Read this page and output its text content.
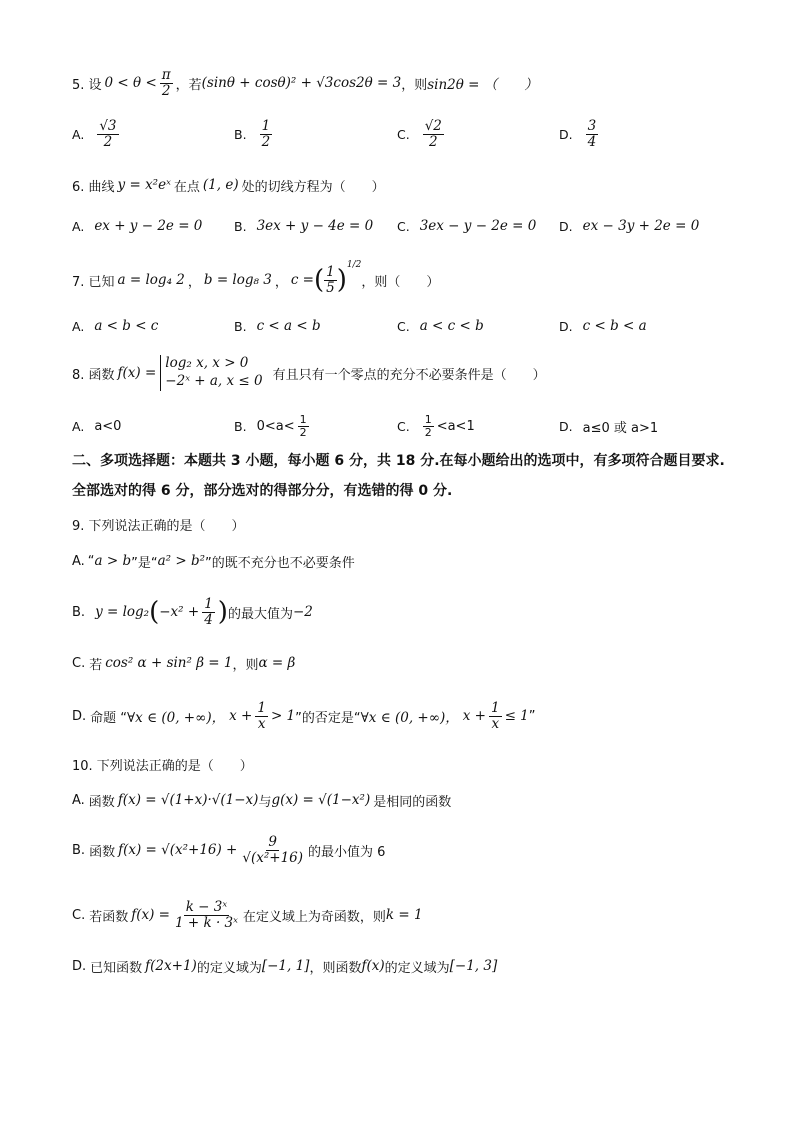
5. 设 $0 < \theta < \frac{\pi}{2}$ ，若 (sinθ + cosθ)² + √3cos2θ = 3 ，则 sin2θ = （　　）
A. $\frac{√3}{2}$	B. $\frac{1}{2}$	C. $\frac{√2}{2}$	D. $\frac{3}{4}$
6. 曲线 y = x²eˣ 在点 (1, e) 处的切线方程为（　　）
A. ex + y − 2e = 0	B. 3ex + y − 4e = 0 C. 3ex − y − 2e = 0 D. ex − 3y + 2e = 0
7. 已知 a = log₄ 2 ， b = log₈ 3 ， c = ( $\frac{1}{5}$ ) 1/2
，则（　　）
A. a < b < c	B. c < a < b	C. a < c < b	D. c < b < a
8. 函数 f(x) =
log₂ x, x > 0
−2ˣ + a, x ≤ 0 有且只有一个零点的充分不必要条件是（　　）
A. a<0	B. $0<a< \frac{1}{2}$	C. $\frac{1}{2} <a<1$	D. a≤0 或 a>1
二、多项选择题：本题共 3 小题，每小题 6 分，共 18 分.在每小题给出的选项中，有多项符合题目要求.全部选对的得 6 分，部分选对的得部分分，有选错的得 0 分.
9. 下列说法正确的是（　　）
A. “ a > b ”是“ a² > b² ”的既不充分也不必要条件
B. y = log₂ ( $-x^2 + \frac{1}{4}$ ) 的最大值为 −2
C. 若 cos² α + sin² β = 1 ，则 α = β
D. 命题 “ ∀x ∈ (0, +∞)， $x + \frac{1}{x} > 1$ ”的否定是“ ∀x ∈ (0, +∞)， $x + \frac{1}{x} \le 1$ ”
10. 下列说法正确的是（　　）
A. 函数 f(x) = √(1+x)·√(1−x) 与 g(x) = √(1−x²) 是相同的函数
B. 函数 $f(x) = √(x^2+16) + \frac{9}{\text{√(x²+16)}}$ 的最小值为 6
C. 若函数 $f(x) = \frac{\text{k − 3ˣ}}{\text{1 + k · 3ˣ}}$ 在定义域上为奇函数，则 k = 1
D. 已知函数 f(2x+1) 的定义域为 [−1, 1] ，则函数 f(x) 的定义域为 [−1, 3]
